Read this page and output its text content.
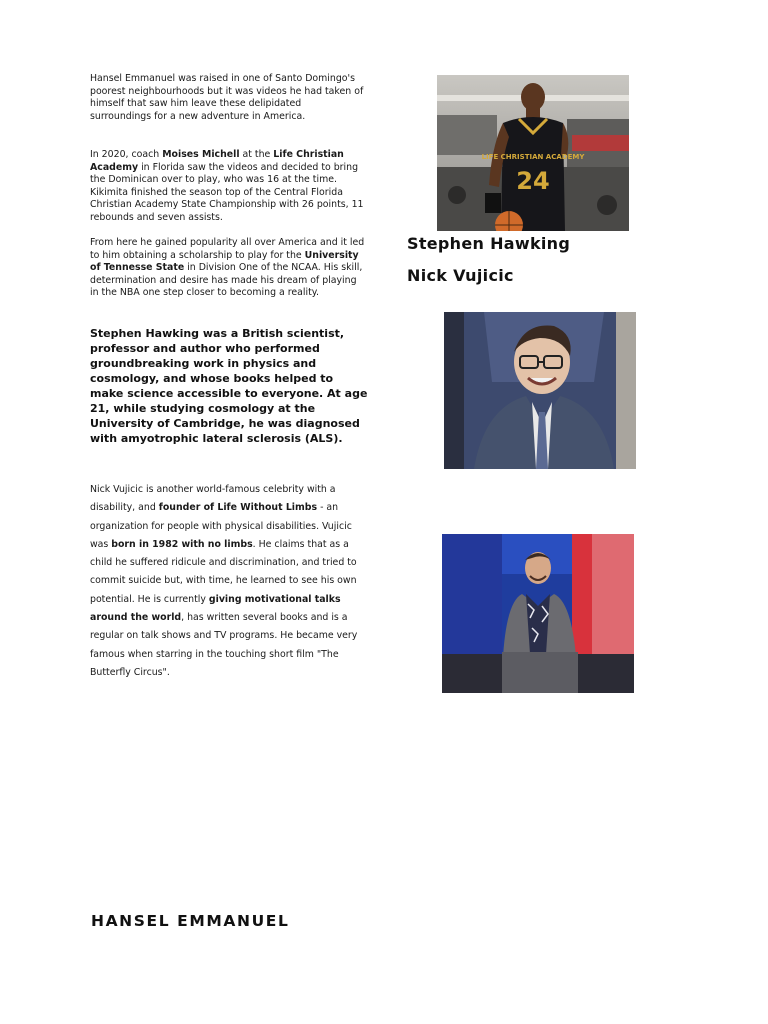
Hansel Emmanuel was raised in one of Santo Domingo's poorest neighbourhoods but it was videos he had taken of himself that saw him leave these delipidated surroundings for a new adventure in America.

In 2020, coach Moises Michell at the Life Christian Academy in Florida saw the videos and decided to bring the Dominican over to play, who was 16 at the time. Kikimita finished the season top of the Central Florida Christian Academy State Championship with 26 points, 11 rebounds and seven assists.

From here he gained popularity all over America and it led to him obtaining a scholarship to play for the University of Tennesse State in Division One of the NCAA. His skill, determination and desire has made his dream of playing in the NBA one step closer to becoming a reality.

Stephen Hawking was a British scientist, professor and author who performed groundbreaking work in physics and cosmology, and whose books helped to make science accessible to everyone. At age 21, while studying cosmology at the University of Cambridge, he was diagnosed with amyotrophic lateral sclerosis (ALS).

Nick Vujicic is another world-famous celebrity with a disability, and founder of Life Without Limbs - an organization for people with physical disabilities. Vujicic was born in 1982 with no limbs. He claims that as a child he suffered ridicule and discrimination, and tried to commit suicide but, with time, he learned to see his own potential. He is currently giving motivational talks around the world, has written several books and is a regular on talk shows and TV programs. He became very famous when starring in the touching short film "The Butterfly Circus".

Stephen Hawking
Nick Vujicic
HANSEL EMMANUEL
LIFE CHRISTIAN ACADEMY
24
